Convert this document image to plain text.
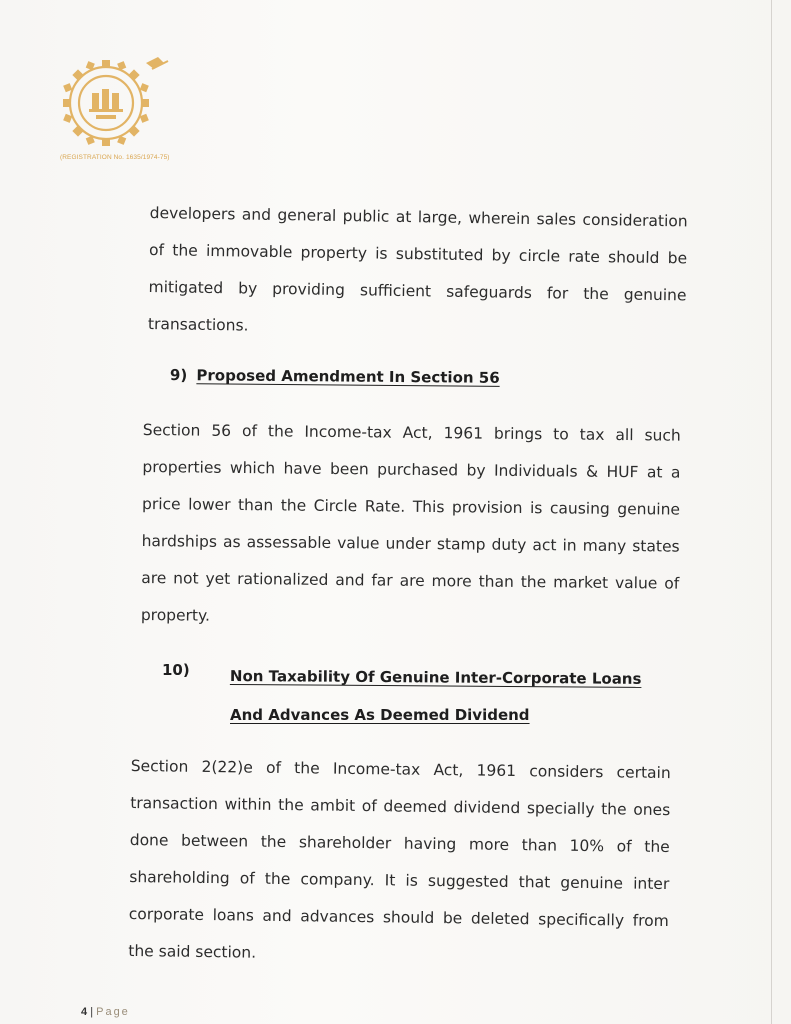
(REGISTRATION No. 1635/1974-75)
developers and general public at large, wherein sales consideration of the immovable property is substituted by circle rate should be mitigated by providing sufficient safeguards for the genuine transactions.
9) Proposed Amendment In Section 56
Section 56 of the Income-tax Act, 1961 brings to tax all such properties which have been purchased by Individuals & HUF at a price lower than the Circle Rate. This provision is causing genuine hardships as assessable value under stamp duty act in many states are not yet rationalized and far are more than the market value of property.
10)	Non Taxability Of Genuine Inter-Corporate Loans
And Advances As Deemed Dividend
Section 2(22)e of the Income-tax Act, 1961 considers certain transaction within the ambit of deemed dividend specially the ones done between the shareholder having more than 10% of the shareholding of the company. It is suggested that genuine inter corporate loans and advances should be deleted specifically from the said section.
4 | Page
